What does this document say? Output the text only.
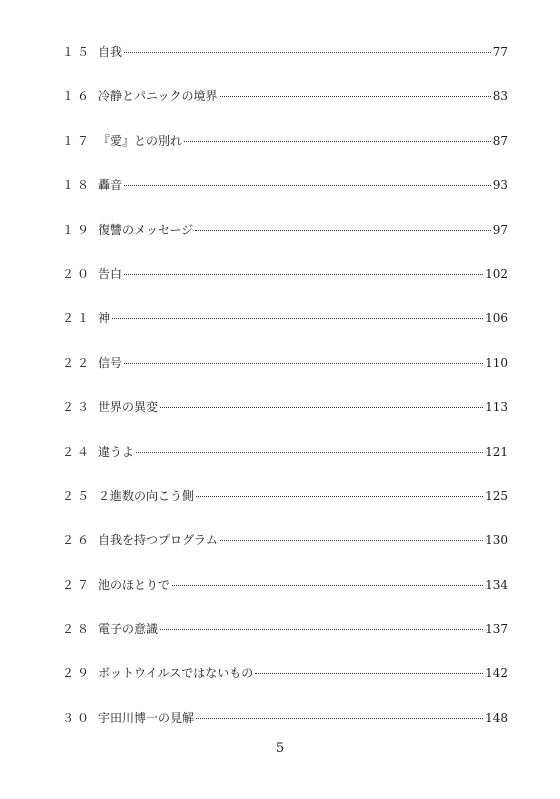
１５ 自我	77
１６ 冷静とパニックの境界	83
１７ 『愛』との別れ	87
１８ 轟音	93
１９ 復讐のメッセージ	97
２０ 告白	102
２１ 神	106
２２ 信号	110
２３ 世界の異変	113
２４ 違うよ	121
２５ ２進数の向こう側	125
２６ 自我を持つプログラム	130
２７ 池のほとりで	134
２８ 電子の意識	137
２９ ボットウイルスではないもの	142
３０ 宇田川博一の見解	148
5
